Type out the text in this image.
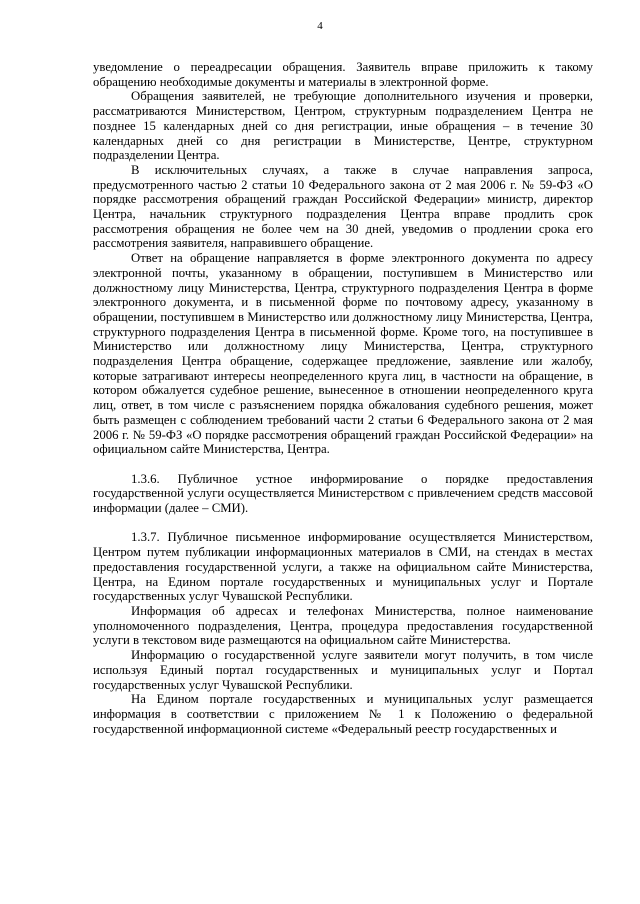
4

уведомление о переадресации обращения. Заявитель вправе приложить к такому обращению необходимые документы и материалы в электронной форме.

Обращения заявителей, не требующие дополнительного изучения и проверки, рассматриваются Министерством, Центром, структурным подразделением Центра не позднее 15 календарных дней со дня регистрации, иные обращения – в течение 30 календарных дней со дня регистрации в Министерстве, Центре, структурном подразделении Центра.

В исключительных случаях, а также в случае направления запроса, предусмотренного частью 2 статьи 10 Федерального закона от 2 мая 2006 г. № 59-ФЗ «О порядке рассмотрения обращений граждан Российской Федерации» министр, директор Центра, начальник структурного подразделения Центра вправе продлить срок рассмотрения обращения не более чем на 30 дней, уведомив о продлении срока его рассмотрения заявителя, направившего обращение.

Ответ на обращение направляется в форме электронного документа по адресу электронной почты, указанному в обращении, поступившем в Министерство или должностному лицу Министерства, Центра, структурного подразделения Центра в форме электронного документа, и в письменной форме по почтовому адресу, указанному в обращении, поступившем в Министерство или должностному лицу Министерства, Центра, структурного подразделения Центра в письменной форме. Кроме того, на поступившее в Министерство или должностному лицу Министерства, Центра, структурного подразделения Центра обращение, содержащее предложение, заявление или жалобу, которые затрагивают интересы неопределенного круга лиц, в частности на обращение, в котором обжалуется судебное решение, вынесенное в отношении неопределенного круга лиц, ответ, в том числе с разъяснением порядка обжалования судебного решения, может быть размещен с соблюдением требований части 2 статьи 6 Федерального закона от 2 мая 2006 г. № 59-ФЗ «О порядке рассмотрения обращений граждан Российской Федерации» на официальном сайте Министерства, Центра.

1.3.6. Публичное устное информирование о порядке предоставления государственной услуги осуществляется Министерством с привлечением средств массовой информации (далее – СМИ).

1.3.7. Публичное письменное информирование осуществляется Министерством, Центром путем публикации информационных материалов в СМИ, на стендах в местах предоставления государственной услуги, а также на официальном сайте Министерства, Центра, на Едином портале государственных и муниципальных услуг и Портале государственных услуг Чувашской Республики.

Информация об адресах и телефонах Министерства, полное наименование уполномоченного подразделения, Центра, процедура предоставления государственной услуги в текстовом виде размещаются на официальном сайте Министерства.

Информацию о государственной услуге заявители могут получить, в том числе используя Единый портал государственных и муниципальных услуг и Портал государственных услуг Чувашской Республики.

На Едином портале государственных и муниципальных услуг размещается информация в соответствии с приложением № 1 к Положению о федеральной государственной информационной системе «Федеральный реестр государственных и
